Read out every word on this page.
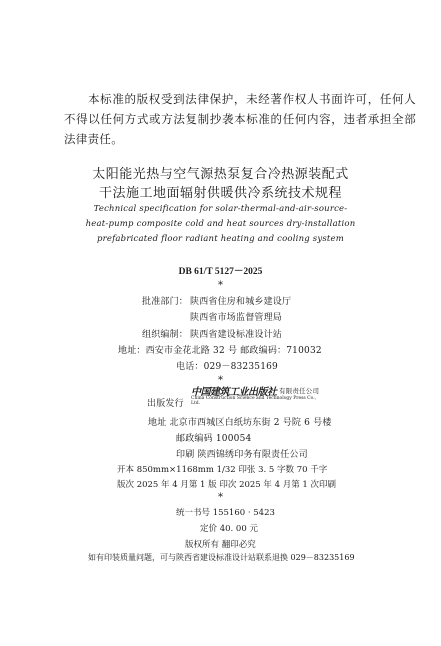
本标准的版权受到法律保护，未经著作权人书面许可，任何人不得以任何方式或方法复制抄袭本标准的任何内容，违者承担全部法律责任。
太阳能光热与空气源热泵复合冷热源装配式
干法施工地面辐射供暖供冷系统技术规程
Technical specification for solar-thermal-and-air-source-
heat-pump composite cold and heat sources dry-installation
prefabricated floor radiant heating and cooling system
DB 61/T 5127－2025
*
批准部门： 陕西省住房和城乡建设厅
陕西省市场监督管理局
组织编制： 陕西省建设标准设计站
地址：西安市金花北路 32 号 邮政编码：710032
电话：029－83235169
*
出版发行
中国建筑工业出版社 有限责任公司
China Construction Science and Technology Press Co., Ltd.
地址 北京市西城区白纸坊东街 2 号院 6 号楼
邮政编码 100054
印刷 陕西锦绣印务有限责任公司
开本 850mm×1168mm 1/32 印张 3. 5 字数 70 千字
版次 2025 年 4 月第 1 版 印次 2025 年 4 月第 1 次印刷
*
统一书号 155160 · 5423
定价 40. 00 元
版权所有 翻印必究
如有印装质量问题，可与陕西省建设标准设计站联系退换 029－83235169
